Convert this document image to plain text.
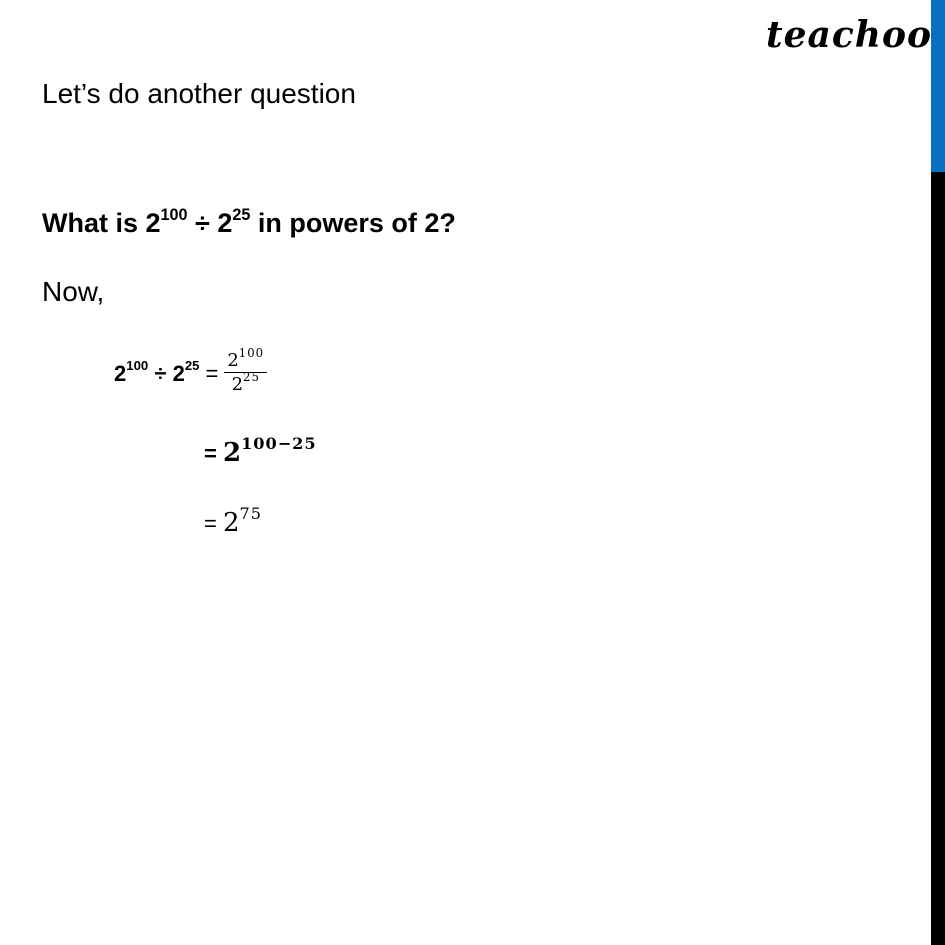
teachoo
Let’s do another question
What is $2^{100} \div 2^{25}$ in powers of 2?
Now,
$2^{100} \div 2^{25} = \frac{2^{100}}{2^{25}}$
= $2^{100-25}$
= $2^{75}$
